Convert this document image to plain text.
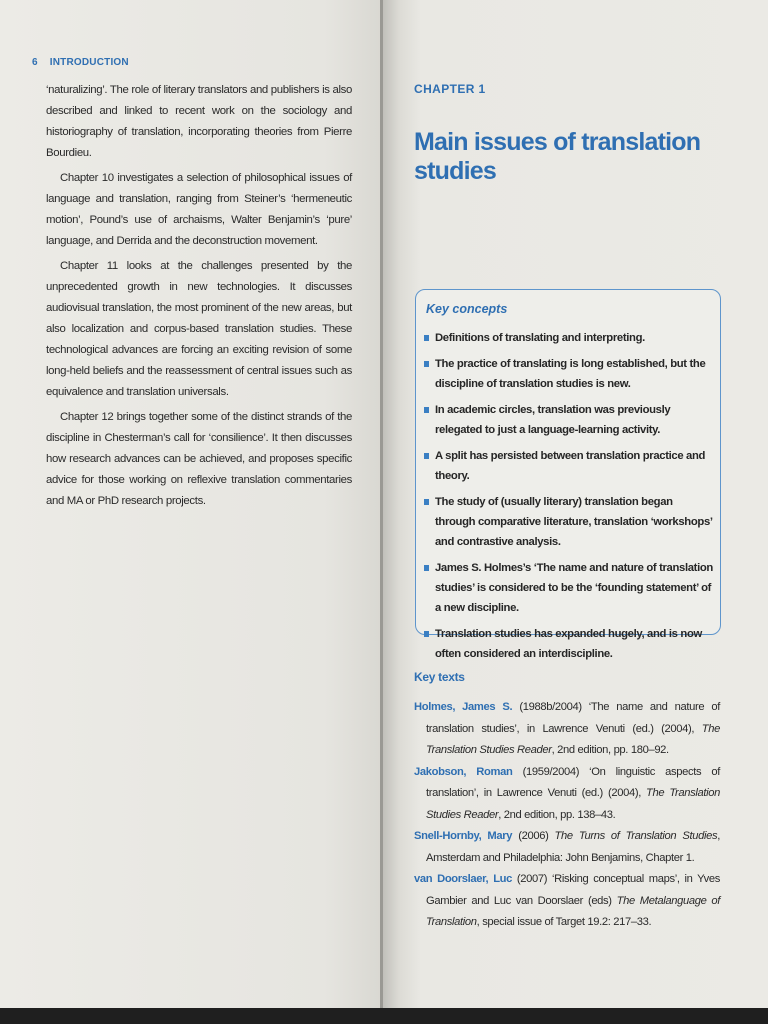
6 INTRODUCTION

‘naturalizing’. The role of literary translators and publishers is also described and linked to recent work on the sociology and historiography of translation, incorporating theories from Pierre Bourdieu.

Chapter 10 investigates a selection of philosophical issues of language and translation, ranging from Steiner’s ‘hermeneutic motion’, Pound’s use of archaisms, Walter Benjamin’s ‘pure’ language, and Derrida and the deconstruction movement.

Chapter 11 looks at the challenges presented by the unprecedented growth in new technologies. It discusses audiovisual translation, the most prominent of the new areas, but also localization and corpus-based translation studies. These technological advances are forcing an exciting revision of some long-held beliefs and the reassessment of central issues such as equivalence and translation universals.

Chapter 12 brings together some of the distinct strands of the discipline in Chesterman’s call for ‘consilience’. It then discusses how research advances can be achieved, and proposes specific advice for those working on reflexive translation commentaries and MA or PhD research projects.

CHAPTER 1
Main issues of translation studies
Key concepts
Definitions of translating and interpreting.
The practice of translating is long established, but the discipline of translation studies is new.
In academic circles, translation was previously relegated to just a language-learning activity.
A split has persisted between translation practice and theory.
The study of (usually literary) translation began through comparative literature, translation ‘workshops’ and contrastive analysis.
James S. Holmes’s ‘The name and nature of translation studies’ is considered to be the ‘founding statement’ of a new discipline.
Translation studies has expanded hugely, and is now often considered an interdiscipline.
Key texts
Holmes, James S. (1988b/2004) ‘The name and nature of translation studies’, in Lawrence Venuti (ed.) (2004), The Translation Studies Reader, 2nd edition, pp. 180–92.
Jakobson, Roman (1959/2004) ‘On linguistic aspects of translation’, in Lawrence Venuti (ed.) (2004), The Translation Studies Reader, 2nd edition, pp. 138–43.
Snell-Hornby, Mary (2006) The Turns of Translation Studies, Amsterdam and Philadelphia: John Benjamins, Chapter 1.
van Doorslaer, Luc (2007) ‘Risking conceptual maps’, in Yves Gambier and Luc van Doorslaer (eds) The Metalanguage of Translation, special issue of Target 19.2: 217–33.
